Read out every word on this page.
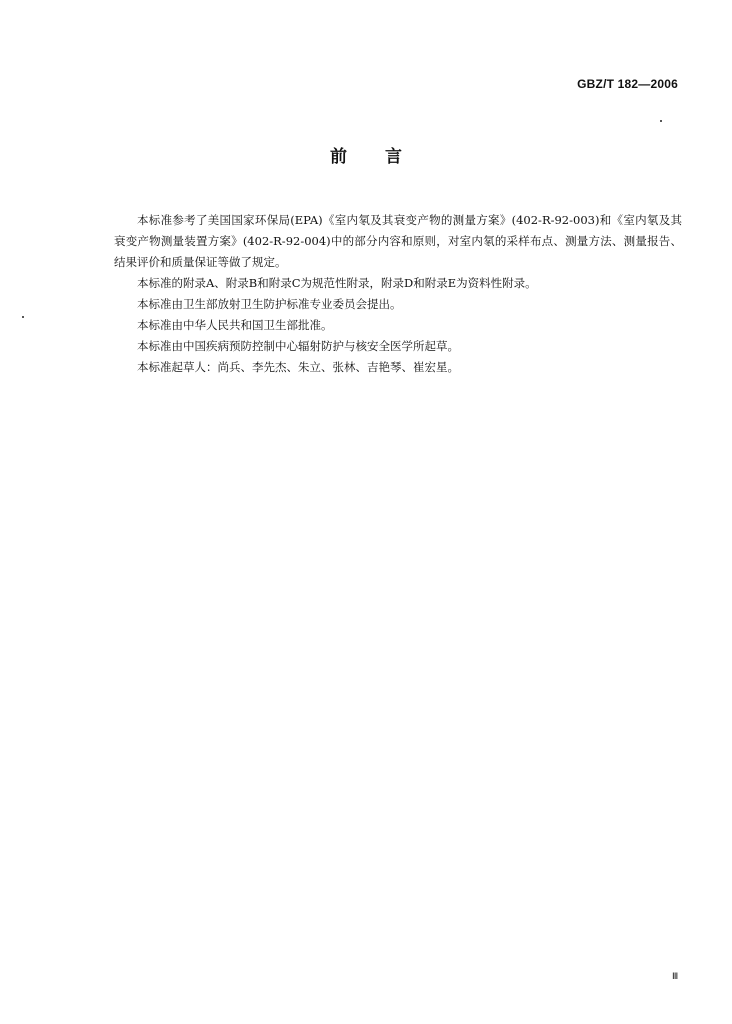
GBZ/T 182—2006
前言

本标准参考了美国国家环保局(EPA)《室内氡及其衰变产物的测量方案》(402-R-92-003)和《室内氡及其衰变产物测量装置方案》(402-R-92-004)中的部分内容和原则，对室内氡的采样布点、测量方法、测量报告、结果评价和质量保证等做了规定。

本标准的附录A、附录B和附录C为规范性附录，附录D和附录E为资料性附录。

本标准由卫生部放射卫生防护标准专业委员会提出。

本标准由中华人民共和国卫生部批准。

本标准由中国疾病预防控制中心辐射防护与核安全医学所起草。

本标准起草人：尚兵、李先杰、朱立、张林、吉艳琴、崔宏星。

Ⅲ
